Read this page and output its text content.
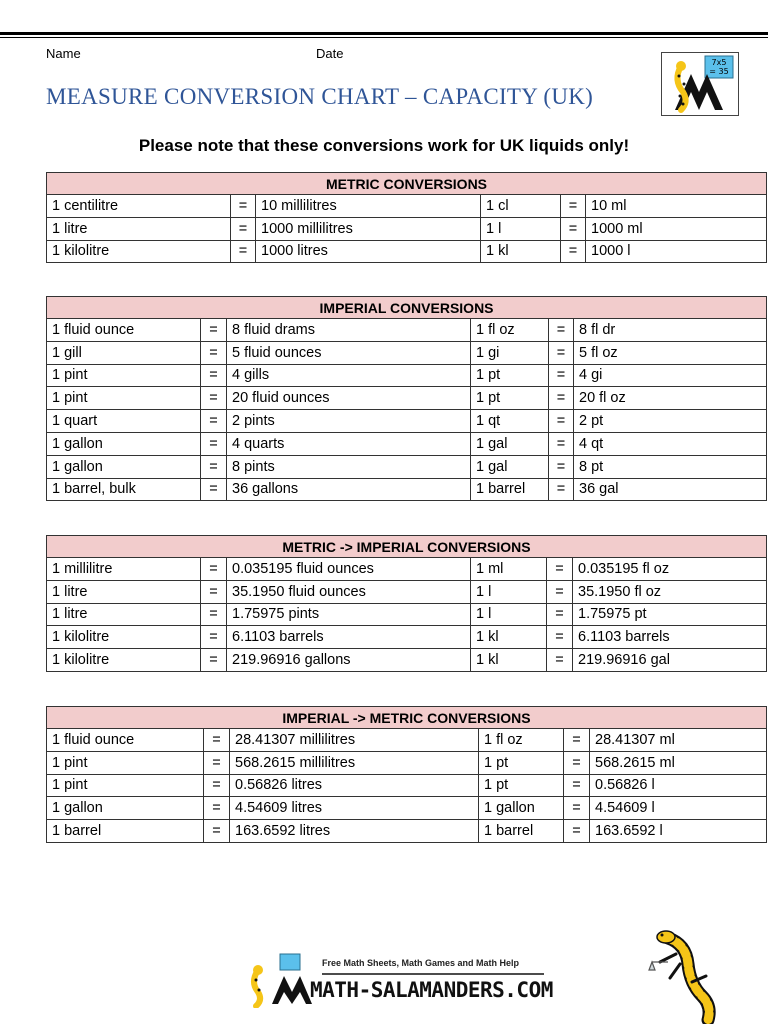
Name	Date
MEASURE CONVERSION CHART – CAPACITY (UK)
7x5
= 35
Please note that these conversions work for UK liquids only!
METRIC CONVERSIONS					
1 centilitre	=	10 millilitres	1 cl	=	10 ml
1 litre	=	1000 millilitres	1 l	=	1000 ml
1 kilolitre	=	1000 litres	1 kl	=	1000 l
IMPERIAL CONVERSIONS					
1 fluid ounce	=	8 fluid drams	1 fl oz	=	8 fl dr
1 gill	=	5 fluid ounces	1 gi	=	5 fl oz
1 pint	=	4 gills	1 pt	=	4 gi
1 pint	=	20 fluid ounces	1 pt	=	20 fl oz
1 quart	=	2 pints	1 qt	=	2 pt
1 gallon	=	4 quarts	1 gal	=	4 qt
1 gallon	=	8 pints	1 gal	=	8 pt
1 barrel, bulk	=	36 gallons	1 barrel	=	36 gal
METRIC -> IMPERIAL CONVERSIONS					
1 millilitre	=	0.035195 fluid ounces	1 ml	=	0.035195 fl oz
1 litre	=	35.1950 fluid ounces	1 l	=	35.1950 fl oz
1 litre	=	1.75975 pints	1 l	=	1.75975 pt
1 kilolitre	=	6.1103 barrels	1 kl	=	6.1103 barrels
1 kilolitre	=	219.96916 gallons	1 kl	=	219.96916 gal
IMPERIAL -> METRIC CONVERSIONS					
1 fluid ounce	=	28.41307 millilitres	1 fl oz	=	28.41307 ml
1 pint	=	568.2615 millilitres	1 pt	=	568.2615 ml
1 pint	=	0.56826 litres	1 pt	=	0.56826 l
1 gallon	=	4.54609 litres	1 gallon	=	4.54609 l
1 barrel	=	163.6592 litres	1 barrel	=	163.6592 l
Free Math Sheets, Math Games and Math Help
MATH-SALAMANDERS.COM
